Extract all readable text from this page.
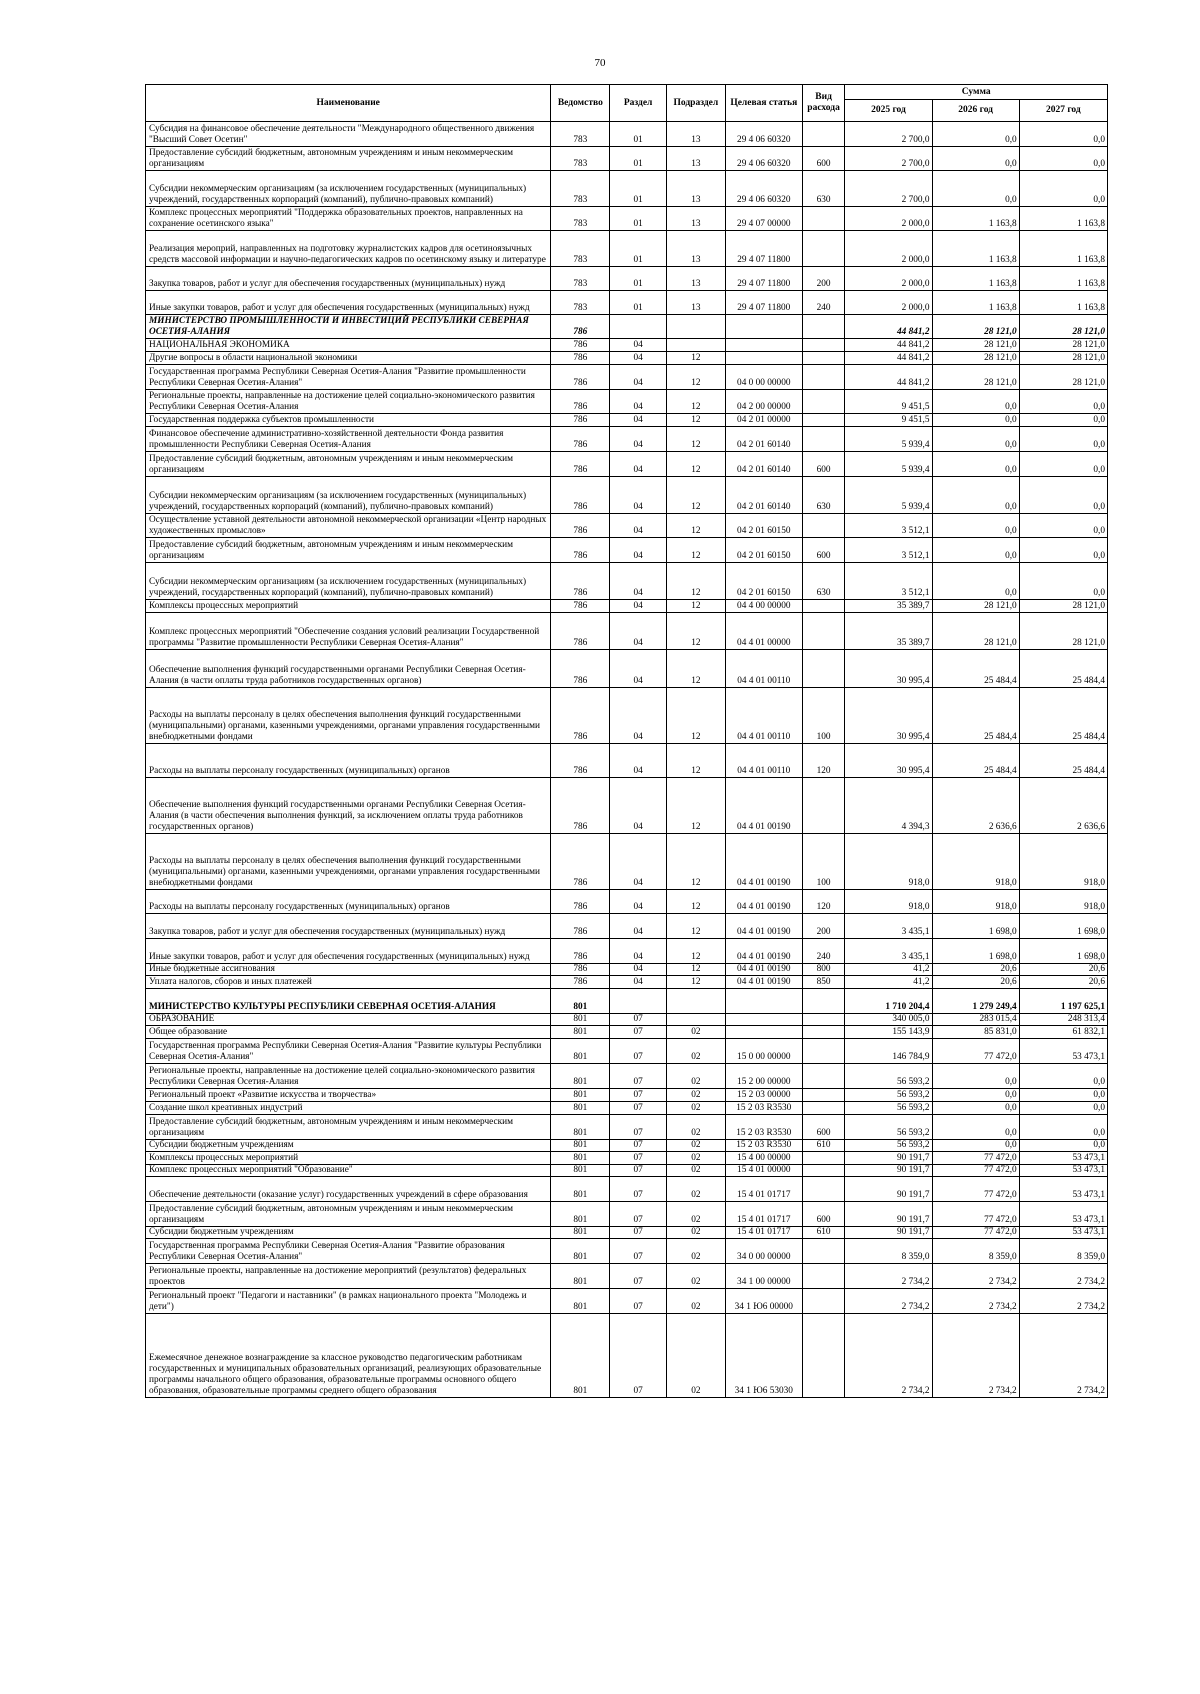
70
Наименование	Ведомство	Раздел	Подраздел	Целевая статья	Вид расхода	Сумма		
						2025 год	2026 год	2027 год
Субсидия на финансовое обеспечение деятельности "Международного общественного движения "Высший Совет Осетин"	783	01	13	29 4 06 60320		2 700,0	0,0	0,0
Предоставление субсидий бюджетным, автономным учреждениям и иным некоммерческим организациям	783	01	13	29 4 06 60320	600	2 700,0	0,0	0,0
Субсидии некоммерческим организациям (за исключением государственных (муниципальных) учреждений, государственных корпораций (компаний), публично-правовых компаний)	783	01	13	29 4 06 60320	630	2 700,0	0,0	0,0
Комплекс процессных мероприятий "Поддержка образовательных проектов, направленных на сохранение осетинского языка"	783	01	13	29 4 07 00000		2 000,0	1 163,8	1 163,8
Реализация мероприй, направленных на подготовку журналистских кадров для осетиноязычных средств массовой информации и научно-педагогических кадров по осетинскому языку и литературе	783	01	13	29 4 07 11800		2 000,0	1 163,8	1 163,8
Закупка товаров, работ и услуг для обеспечения государственных (муниципальных) нужд	783	01	13	29 4 07 11800	200	2 000,0	1 163,8	1 163,8
Иные закупки товаров, работ и услуг для обеспечения государственных (муниципальных) нужд	783	01	13	29 4 07 11800	240	2 000,0	1 163,8	1 163,8
МИНИСТЕРСТВО ПРОМЫШЛЕННОСТИ И ИНВЕСТИЦИЙ РЕСПУБЛИКИ СЕВЕРНАЯ ОСЕТИЯ-АЛАНИЯ	786					44 841,2	28 121,0	28 121,0
НАЦИОНАЛЬНАЯ ЭКОНОМИКА	786	04				44 841,2	28 121,0	28 121,0
Другие вопросы в области национальной экономики	786	04	12			44 841,2	28 121,0	28 121,0
Государственная программа Республики Северная Осетия-Алания "Развитие промышленности Республики Северная Осетия-Алания"	786	04	12	04 0 00 00000		44 841,2	28 121,0	28 121,0
Региональные проекты, направленные на достижение целей социально-экономического развития Республики Северная Осетия-Алания	786	04	12	04 2 00 00000		9 451,5	0,0	0,0
Государственная поддержка субъектов промышленности	786	04	12	04 2 01 00000		9 451,5	0,0	0,0
Финансовое обеспечение административно-хозяйственной деятельности Фонда развития промышленности Республики Северная Осетия-Алания	786	04	12	04 2 01 60140		5 939,4	0,0	0,0
Предоставление субсидий бюджетным, автономным учреждениям и иным некоммерческим организациям	786	04	12	04 2 01 60140	600	5 939,4	0,0	0,0
Субсидии некоммерческим организациям (за исключением государственных (муниципальных) учреждений, государственных корпораций (компаний), публично-правовых компаний)	786	04	12	04 2 01 60140	630	5 939,4	0,0	0,0
Осуществление уставной деятельности автономной некоммерческой организации «Центр народных художественных промыслов»	786	04	12	04 2 01 60150		3 512,1	0,0	0,0
Предоставление субсидий бюджетным, автономным учреждениям и иным некоммерческим организациям	786	04	12	04 2 01 60150	600	3 512,1	0,0	0,0
Субсидии некоммерческим организациям (за исключением государственных (муниципальных) учреждений, государственных корпораций (компаний), публично-правовых компаний)	786	04	12	04 2 01 60150	630	3 512,1	0,0	0,0
Комплексы процессных мероприятий	786	04	12	04 4 00 00000		35 389,7	28 121,0	28 121,0
Комплекс процессных мероприятий "Обеспечение создания условий реализации Государственной программы "Развитие промышленности Республики Северная Осетия-Алания"	786	04	12	04 4 01 00000		35 389,7	28 121,0	28 121,0
Обеспечение выполнения функций государственными органами Республики Северная Осетия-Алания (в части оплаты труда работников государственных органов)	786	04	12	04 4 01 00110		30 995,4	25 484,4	25 484,4
Расходы на выплаты персоналу в целях обеспечения выполнения функций государственными (муниципальными) органами, казенными учреждениями, органами управления государственными внебюджетными фондами	786	04	12	04 4 01 00110	100	30 995,4	25 484,4	25 484,4
Расходы на выплаты персоналу государственных (муниципальных) органов	786	04	12	04 4 01 00110	120	30 995,4	25 484,4	25 484,4
Обеспечение выполнения функций государственными органами Республики Северная Осетия-Алания (в части обеспечения выполнения функций, за исключением оплаты труда работников государственных органов)	786	04	12	04 4 01 00190		4 394,3	2 636,6	2 636,6
Расходы на выплаты персоналу в целях обеспечения выполнения функций государственными (муниципальными) органами, казенными учреждениями, органами управления государственными внебюджетными фондами	786	04	12	04 4 01 00190	100	918,0	918,0	918,0
Расходы на выплаты персоналу государственных (муниципальных) органов	786	04	12	04 4 01 00190	120	918,0	918,0	918,0
Закупка товаров, работ и услуг для обеспечения государственных (муниципальных) нужд	786	04	12	04 4 01 00190	200	3 435,1	1 698,0	1 698,0
Иные закупки товаров, работ и услуг для обеспечения государственных (муниципальных) нужд	786	04	12	04 4 01 00190	240	3 435,1	1 698,0	1 698,0
Иные бюджетные ассигнования	786	04	12	04 4 01 00190	800	41,2	20,6	20,6
Уплата налогов, сборов и иных платежей	786	04	12	04 4 01 00190	850	41,2	20,6	20,6
МИНИСТЕРСТВО КУЛЬТУРЫ РЕСПУБЛИКИ СЕВЕРНАЯ ОСЕТИЯ-АЛАНИЯ	801					1 710 204,4	1 279 249,4	1 197 625,1
ОБРАЗОВАНИЕ	801	07				340 005,0	283 015,4	248 313,4
Общее образование	801	07	02			155 143,9	85 831,0	61 832,1
Государственная программа Республики Северная Осетия-Алания "Развитие культуры Республики Северная Осетия-Алания"	801	07	02	15 0 00 00000		146 784,9	77 472,0	53 473,1
Региональные проекты, направленные на достижение целей социально-экономического развития Республики Северная Осетия-Алания	801	07	02	15 2 00 00000		56 593,2	0,0	0,0
Региональный проект «Развитие искусства и творчества»	801	07	02	15 2 03 00000		56 593,2	0,0	0,0
Создание школ креативных индустрий	801	07	02	15 2 03 R3530		56 593,2	0,0	0,0
Предоставление субсидий бюджетным, автономным учреждениям и иным некоммерческим организациям	801	07	02	15 2 03 R3530	600	56 593,2	0,0	0,0
Субсидии бюджетным учреждениям	801	07	02	15 2 03 R3530	610	56 593,2	0,0	0,0
Комплексы процессных мероприятий	801	07	02	15 4 00 00000		90 191,7	77 472,0	53 473,1
Комплекс процессных мероприятий "Образование"	801	07	02	15 4 01 00000		90 191,7	77 472,0	53 473,1
Обеспечение деятельности (оказание услуг) государственных учреждений в сфере образования	801	07	02	15 4 01 01717		90 191,7	77 472,0	53 473,1
Предоставление субсидий бюджетным, автономным учреждениям и иным некоммерческим организациям	801	07	02	15 4 01 01717	600	90 191,7	77 472,0	53 473,1
Субсидии бюджетным учреждениям	801	07	02	15 4 01 01717	610	90 191,7	77 472,0	53 473,1
Государственная программа Республики Северная Осетия-Алания "Развитие образования Республики Северная Осетия-Алания"	801	07	02	34 0 00 00000		8 359,0	8 359,0	8 359,0
Региональные проекты, направленные на достижение мероприятий (результатов) федеральных проектов	801	07	02	34 1 00 00000		2 734,2	2 734,2	2 734,2
Региональный проект "Педагоги и наставники" (в рамках национального проекта "Молодежь и дети")	801	07	02	34 1 Ю6 00000		2 734,2	2 734,2	2 734,2
Ежемесячное денежное вознаграждение за классное руководство педагогическим работникам государственных и муниципальных образовательных организаций, реализующих образовательные программы начального общего образования, образовательные программы основного общего образования, образовательные программы среднего общего образования	801	07	02	34 1 Ю6 53030		2 734,2	2 734,2	2 734,2
